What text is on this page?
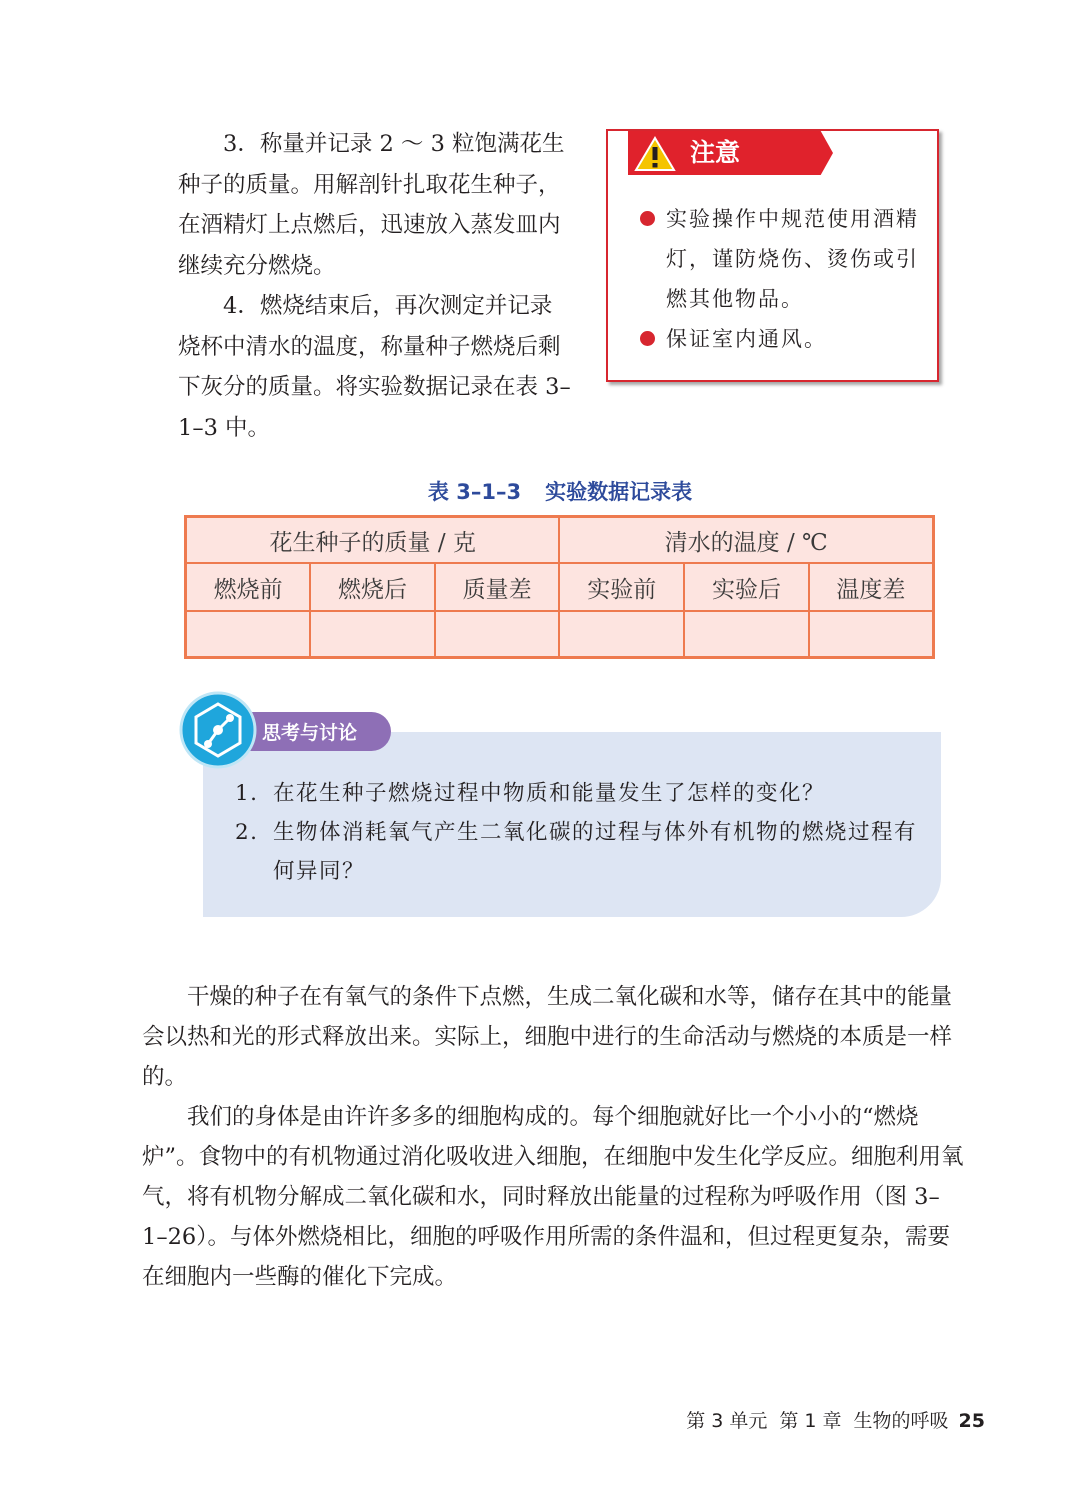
3．称量并记录 2 ～ 3 粒饱满花生

种子的质量。用解剖针扎取花生种子，在酒精灯上点燃后，迅速放入蒸发皿内继续充分燃烧。

4．燃烧结束后，再次测定并记录

烧杯中清水的温度，称量种子燃烧后剩下灰分的质量。将实验数据记录在表 3–1–3 中。

注意
实验操作中规范使用酒精灯，谨防烧伤、烫伤或引燃其他物品。
保证室内通风。
表 3–1–3 实验数据记录表
花生种子的质量 / 克			清水的温度 / ℃		
燃烧前	燃烧后	质量差	实验前	实验后	温度差

思考与讨论
1. 在花生种子燃烧过程中物质和能量发生了怎样的变化？
2. 生物体消耗氧气产生二氧化碳的过程与体外有机物的燃烧过程有何异同？

干燥的种子在有氧气的条件下点燃，生成二氧化碳和水等，储存在其中的能量会以热和光的形式释放出来。实际上，细胞中进行的生命活动与燃烧的本质是一样的。

我们的身体是由许许多多的细胞构成的。每个细胞就好比一个小小的“燃烧炉”。食物中的有机物通过消化吸收进入细胞，在细胞中发生化学反应。细胞利用氧气，将有机物分解成二氧化碳和水，同时释放出能量的过程称为呼吸作用（图 3–1–26）。与体外燃烧相比，细胞的呼吸作用所需的条件温和，但过程更复杂，需要在细胞内一些酶的催化下完成。

第 3 单元 第 1 章 生物的呼吸 25
